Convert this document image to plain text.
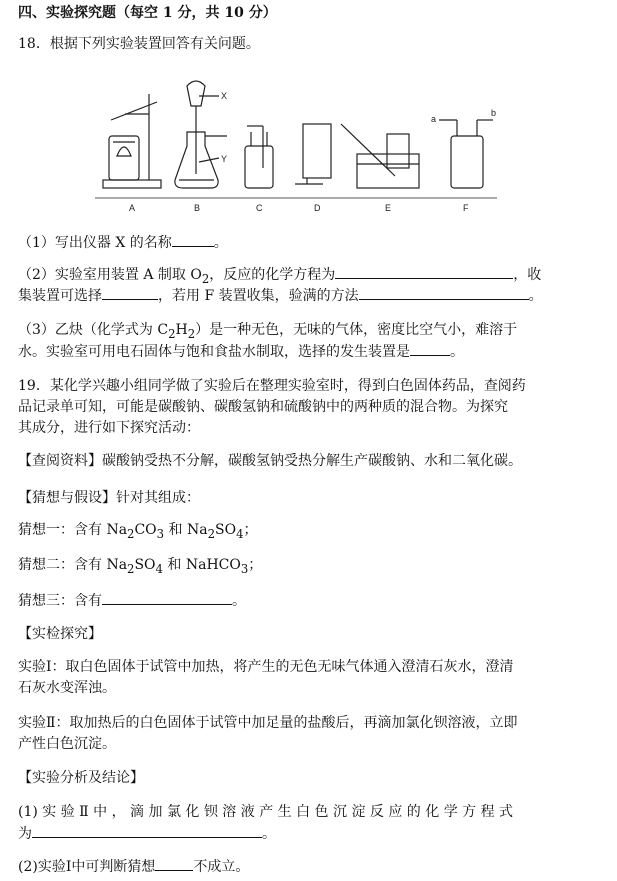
四、实验探究题（每空 1 分，共 10 分）
18．根据下列实验装置回答有关问题。
A	B	C	D	E	F
X
Y
a
b
（1）写出仪器 X 的名称	。
（2）实验室用装置 A 制取 $O_2$，反应的化学方程为	，收
集装置可选择	，若用 F 装置收集，验满的方法	。
（3）乙炔（化学式为 $C_2H_2$）是一种无色，无味的气体，密度比空气小，难溶于
水。实验室可用电石固体与饱和食盐水制取，选择的发生装置是	。
19．某化学兴趣小组同学做了实验后在整理实验室时，得到白色固体药品，查阅药
品记录单可知，可能是碳酸钠、碳酸氢钠和硫酸钠中的两种质的混合物。为探究
其成分，进行如下探究活动：
【查阅资料】碳酸钠受热不分解，碳酸氢钠受热分解生产碳酸钠、水和二氧化碳。
【猜想与假设】针对其组成：
猜想一：含有 $Na_2CO_3$ 和 $Na_2SO_4$；
猜想二：含有 $Na_2SO_4$ 和 NaHCO$_3$；
猜想三：含有	。
【实检探究】
实验Ⅰ：取白色固体于试管中加热，将产生的无色无味气体通入澄清石灰水，澄清
石灰水变浑浊。
实验Ⅱ：取加热后的白色固体于试管中加足量的盐酸后，再滴加氯化钡溶液，立即
产性白色沉淀。
【实验分析及结论】
(1) 实 验 Ⅱ 中 ， 滴 加 氯 化 钡 溶 液 产 生 白 色 沉 淀 反 应 的 化 学 方 程 式
为	。
(2)实验Ⅰ中可判断猜想	不成立。
